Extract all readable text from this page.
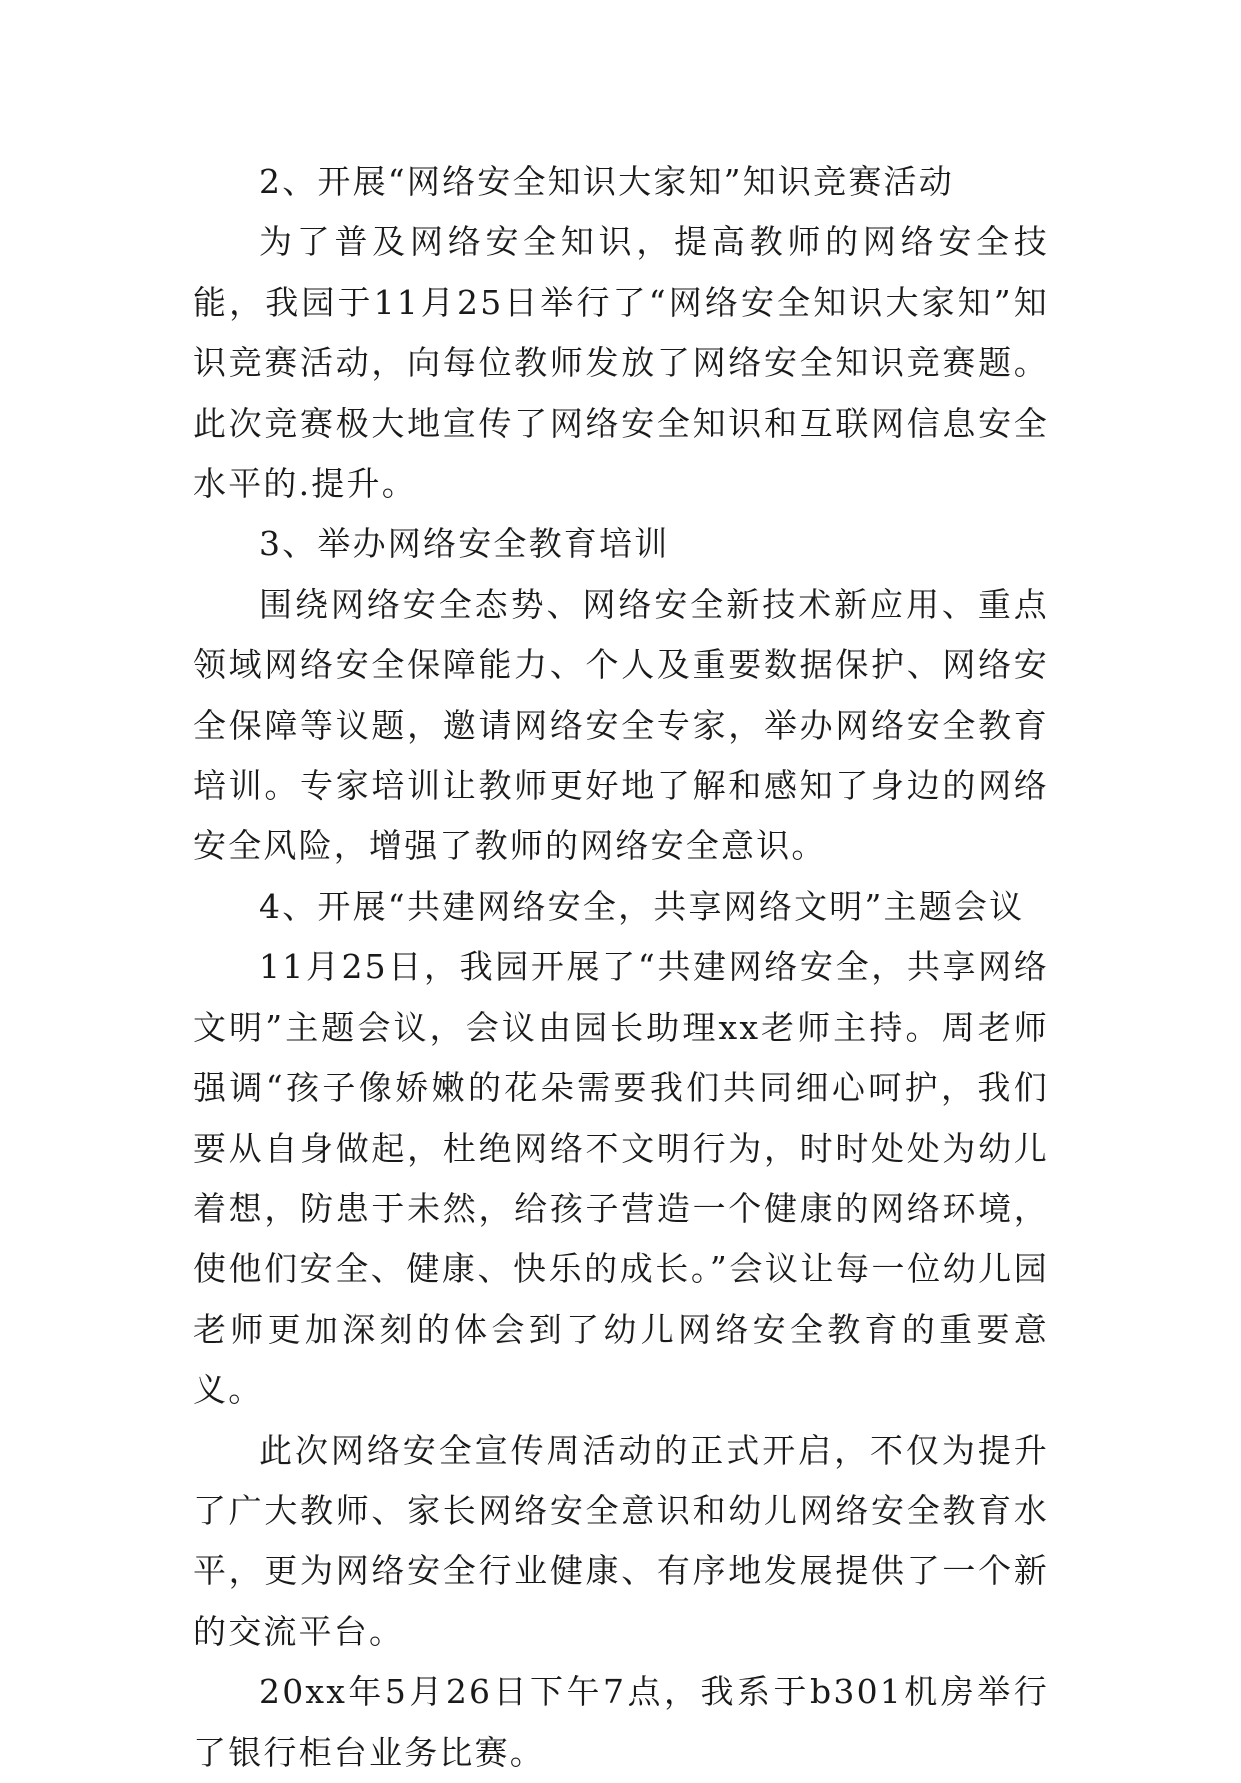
2、开展“网络安全知识大家知”知识竞赛活动

为了普及网络安全知识，提高教师的网络安全技能，我园于11月25日举行了“网络安全知识大家知”知识竞赛活动，向每位教师发放了网络安全知识竞赛题。此次竞赛极大地宣传了网络安全知识和互联网信息安全水平的.提升。

3、举办网络安全教育培训

围绕网络安全态势、网络安全新技术新应用、重点领域网络安全保障能力、个人及重要数据保护、网络安全保障等议题，邀请网络安全专家，举办网络安全教育培训。专家培训让教师更好地了解和感知了身边的网络安全风险，增强了教师的网络安全意识。

4、开展“共建网络安全，共享网络文明”主题会议

11月25日，我园开展了“共建网络安全，共享网络文明”主题会议，会议由园长助理xx老师主持。周老师强调“孩子像娇嫩的花朵需要我们共同细心呵护，我们要从自身做起，杜绝网络不文明行为，时时处处为幼儿着想，防患于未然，给孩子营造一个健康的网络环境，使他们安全、健康、快乐的成长。”会议让每一位幼儿园老师更加深刻的体会到了幼儿网络安全教育的重要意义。

此次网络安全宣传周活动的正式开启，不仅为提升了广大教师、家长网络安全意识和幼儿网络安全教育水平，更为网络安全行业健康、有序地发展提供了一个新的交流平台。

20xx年5月26日下午7点，我系于b301机房举行了银行柜台业务比赛。
